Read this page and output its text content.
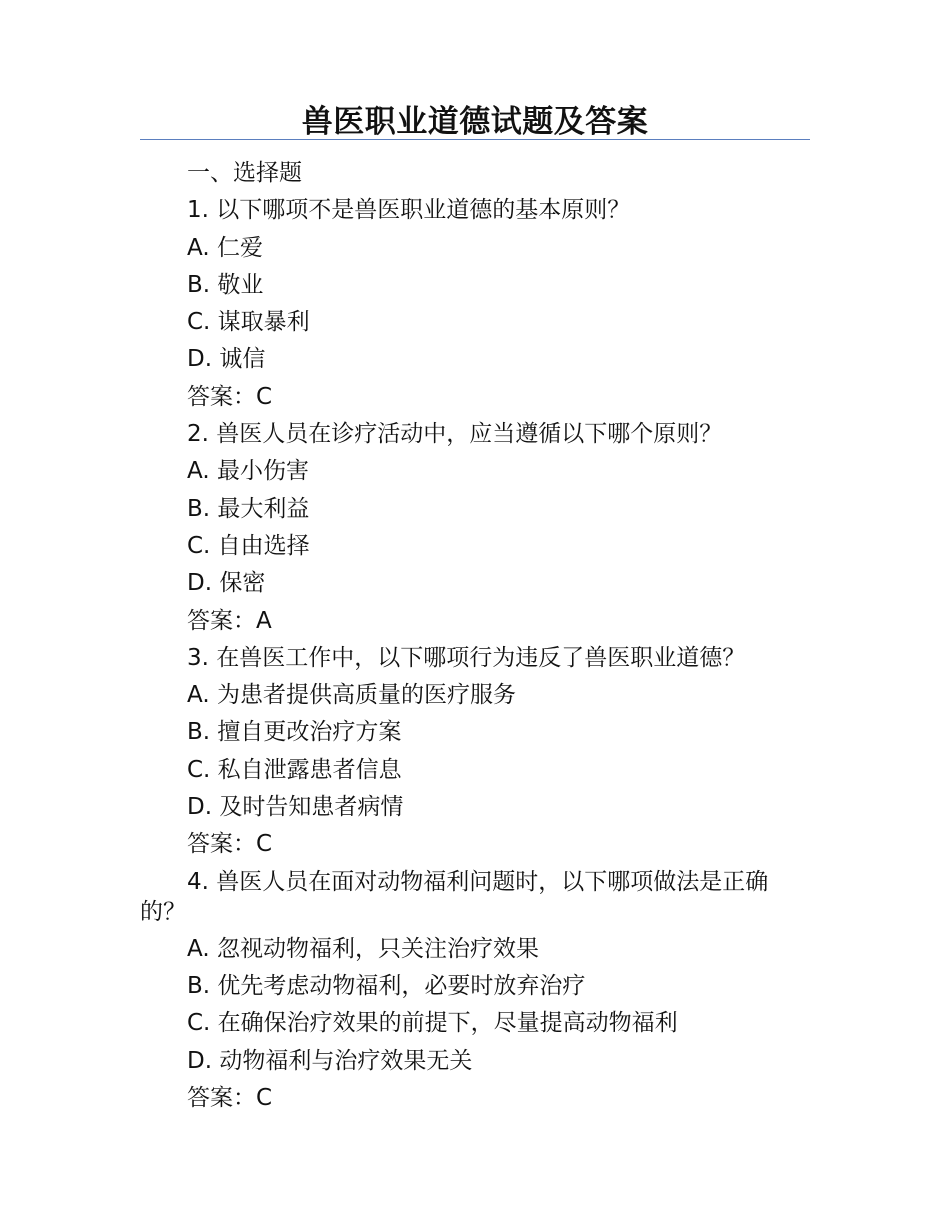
兽医职业道德试题及答案
一、选择题
1. 以下哪项不是兽医职业道德的基本原则？
A. 仁爱
B. 敬业
C. 谋取暴利
D. 诚信
答案：C
2. 兽医人员在诊疗活动中，应当遵循以下哪个原则？
A. 最小伤害
B. 最大利益
C. 自由选择
D. 保密
答案：A
3. 在兽医工作中，以下哪项行为违反了兽医职业道德？
A. 为患者提供高质量的医疗服务
B. 擅自更改治疗方案
C. 私自泄露患者信息
D. 及时告知患者病情
答案：C
4. 兽医人员在面对动物福利问题时，以下哪项做法是正确的？
A. 忽视动物福利，只关注治疗效果
B. 优先考虑动物福利，必要时放弃治疗
C. 在确保治疗效果的前提下，尽量提高动物福利
D. 动物福利与治疗效果无关
答案：C
